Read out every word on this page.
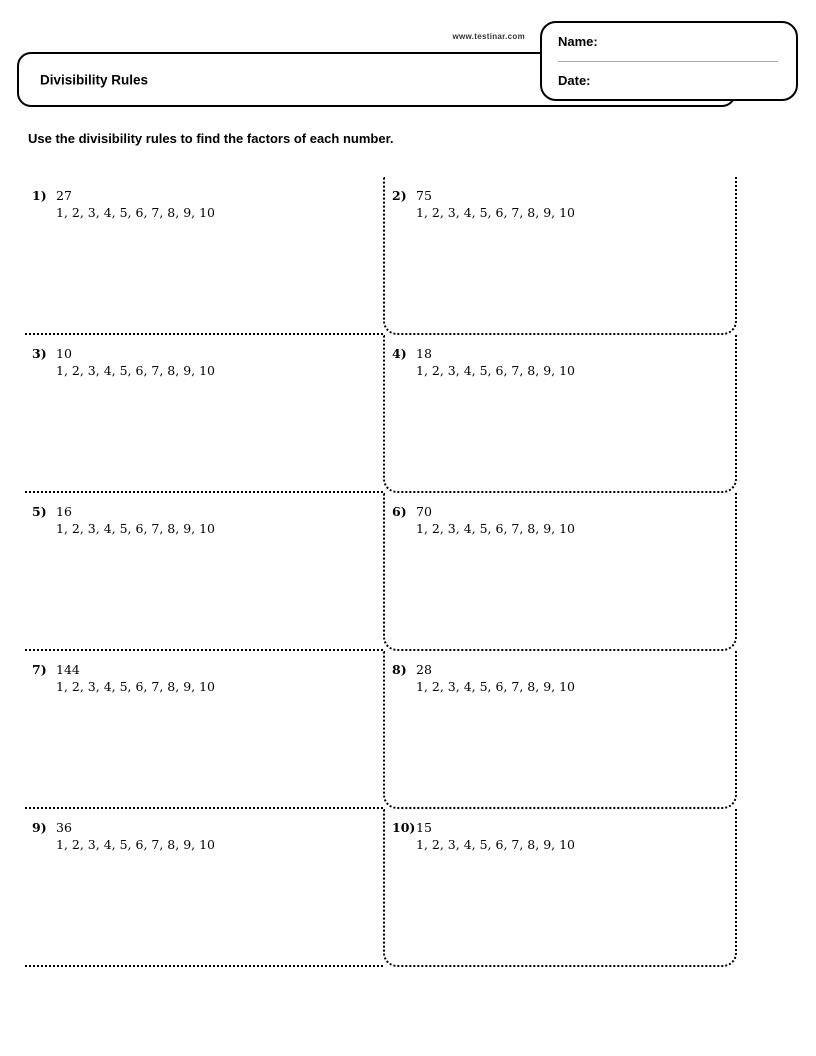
www.testinar.com
Divisibility Rules
Name:
Date:
Use the divisibility rules to find the factors of each number.
1) 27
1, 2, 3, 4, 5, 6, 7, 8, 9, 10
2) 75
1, 2, 3, 4, 5, 6, 7, 8, 9, 10
3) 10
1, 2, 3, 4, 5, 6, 7, 8, 9, 10
4) 18
1, 2, 3, 4, 5, 6, 7, 8, 9, 10
5) 16
1, 2, 3, 4, 5, 6, 7, 8, 9, 10
6) 70
1, 2, 3, 4, 5, 6, 7, 8, 9, 10
7) 144
1, 2, 3, 4, 5, 6, 7, 8, 9, 10
8) 28
1, 2, 3, 4, 5, 6, 7, 8, 9, 10
9) 36
1, 2, 3, 4, 5, 6, 7, 8, 9, 10
10) 15
1, 2, 3, 4, 5, 6, 7, 8, 9, 10
